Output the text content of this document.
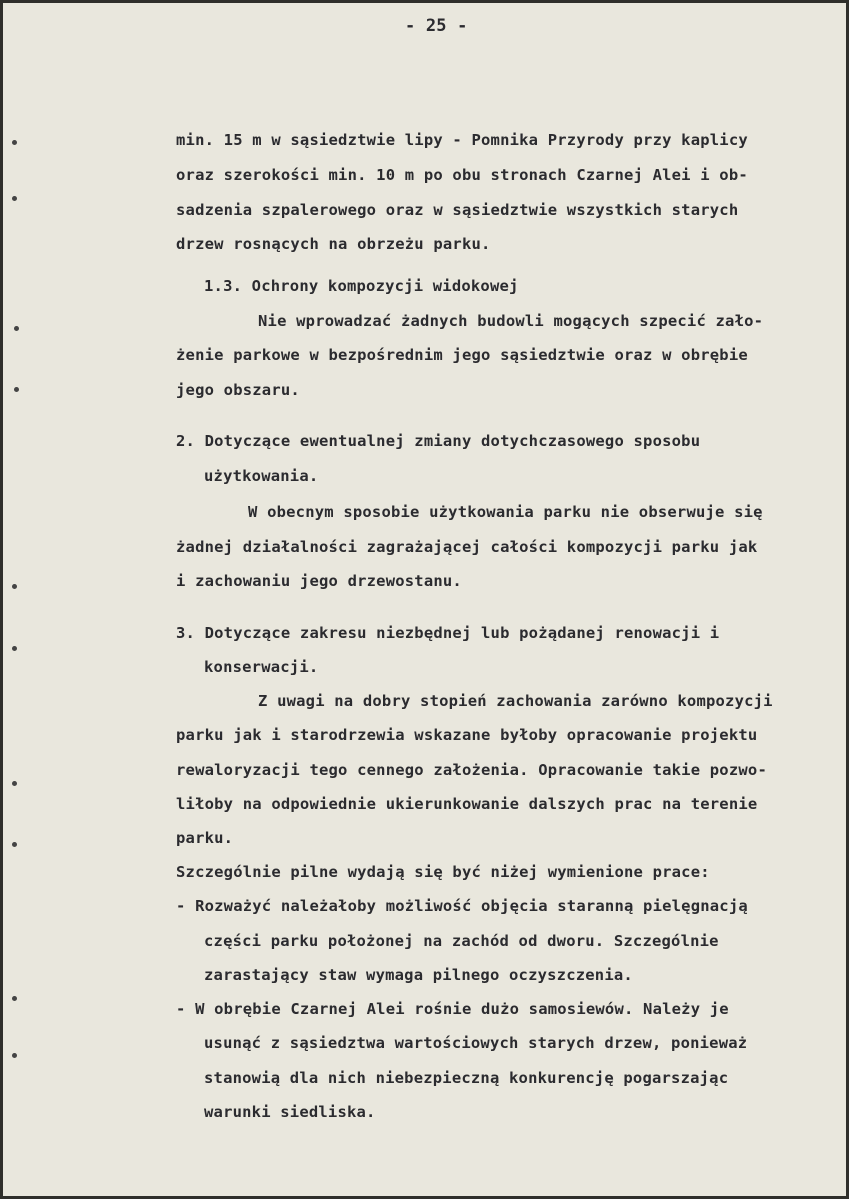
- 25 -
min. 15 m w sąsiedztwie lipy - Pomnika Przyrody przy kaplicy
oraz szerokości min. 10 m po obu stronach Czarnej Alei i ob-
sadzenia szpalerowego oraz w sąsiedztwie wszystkich starych
drzew rosnących na obrzeżu parku.
1.3. Ochrony kompozycji widokowej
Nie wprowadzać żadnych budowli mogących szpecić zało-
żenie parkowe w bezpośrednim jego sąsiedztwie oraz w obrębie
jego obszaru.
2. Dotyczące ewentualnej zmiany dotychczasowego sposobu
użytkowania.
W obecnym sposobie użytkowania parku nie obserwuje się
żadnej działalności zagrażającej całości kompozycji parku jak
i zachowaniu jego drzewostanu.
3. Dotyczące zakresu niezbędnej lub pożądanej renowacji i
konserwacji.
Z uwagi na dobry stopień zachowania zarówno kompozycji
parku jak i starodrzewia wskazane byłoby opracowanie projektu
rewaloryzacji tego cennego założenia. Opracowanie takie pozwo-
liłoby na odpowiednie ukierunkowanie dalszych prac na terenie
parku.
Szczególnie pilne wydają się być niżej wymienione prace:
- Rozważyć należałoby możliwość objęcia staranną pielęgnacją
części parku położonej na zachód od dworu. Szczególnie
zarastający staw wymaga pilnego oczyszczenia.
- W obrębie Czarnej Alei rośnie dużo samosiewów. Należy je
usunąć z sąsiedztwa wartościowych starych drzew, ponieważ
stanowią dla nich niebezpieczną konkurencję pogarszając
warunki siedliska.
